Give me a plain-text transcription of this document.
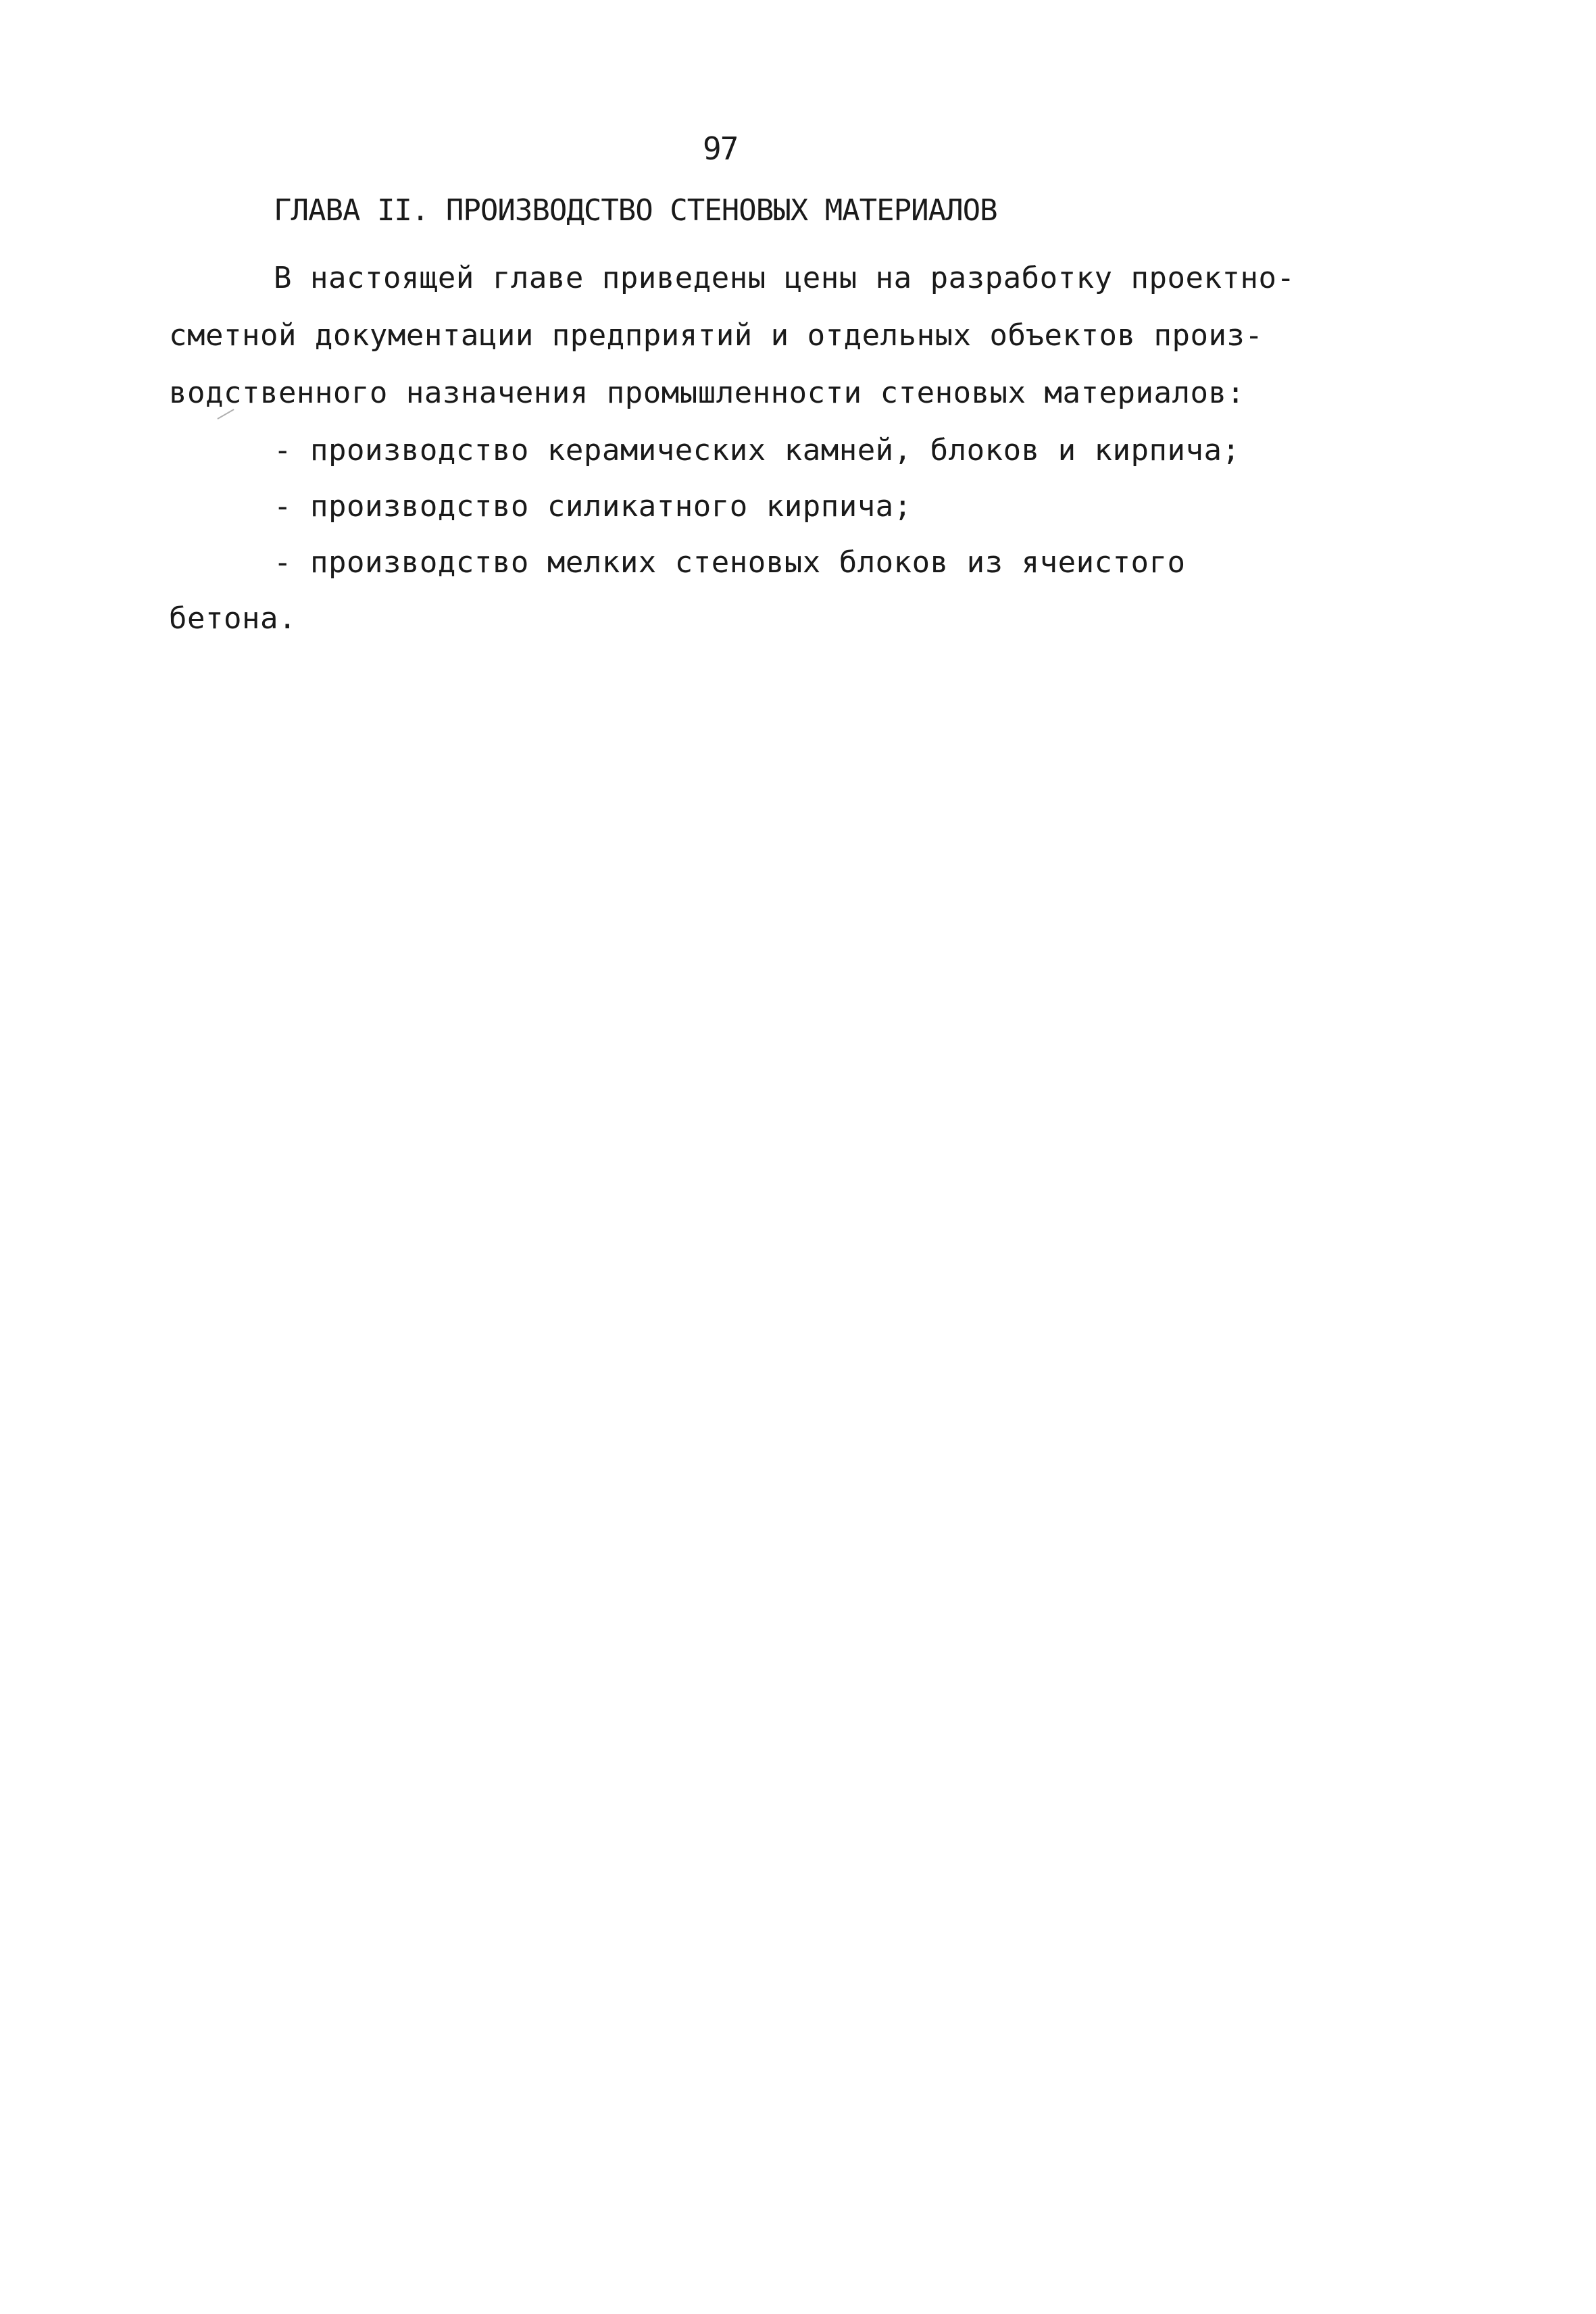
97
ГЛАВА II. ПРОИЗВОДСТВО СТЕНОВЫХ МАТЕРИАЛОВ
В настоящей главе приведены цены на разработку проектно-
сметной документации предприятий и отдельных объектов произ-
водственного назначения промышленности стеновых материалов:
- производство керамических камней, блоков и кирпича;
- производство силикатного кирпича;
- производство мелких стеновых блоков из ячеистого
бетона.
